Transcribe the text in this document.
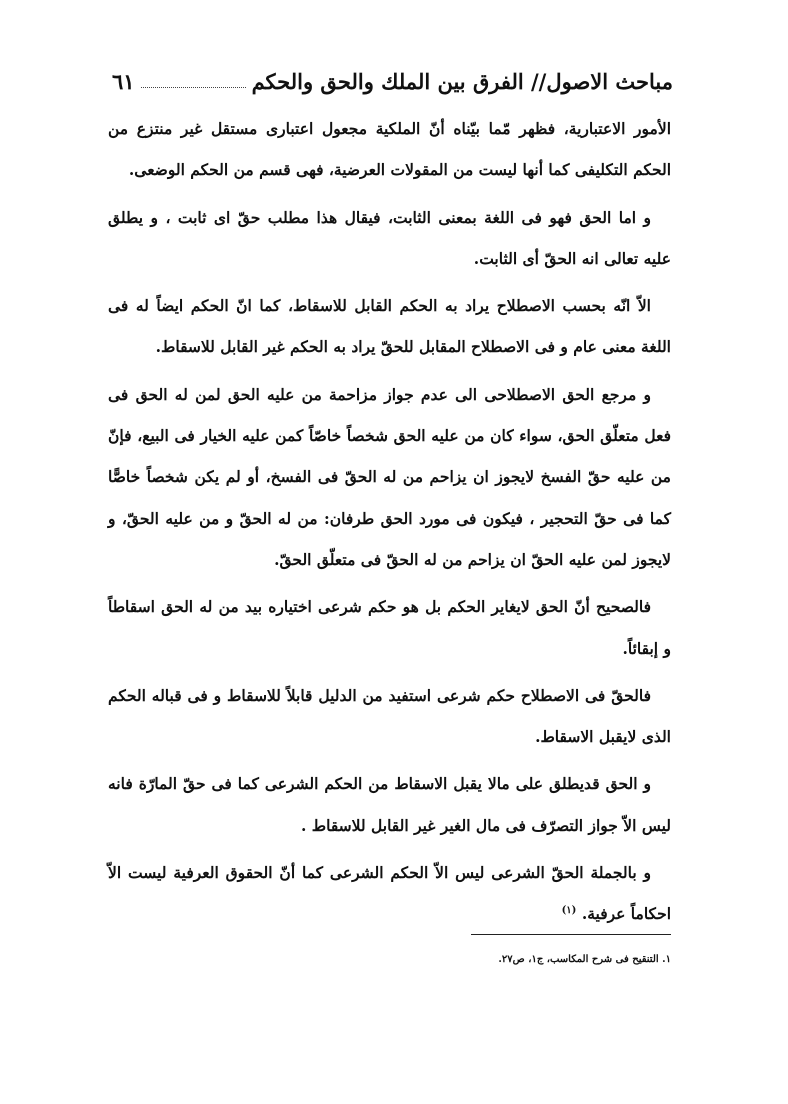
مباحث الاصول// الفرق بين الملك والحق والحكم
٦١

الأمور الاعتبارية، فظهر مّما بيّناه أنّ الملكية مجعول اعتبارى مستقل غير منتزع من الحكم التكليفى كما أنها ليست من المقولات العرضية، فهى قسم من الحكم الوضعى.

و اما الحق فهو فى اللغة بمعنى الثابت، فيقال هذا مطلب حقّ اى ثابت ، و يطلق عليه تعالى انه الحقّ أى الثابت.

الاّ انّه بحسب الاصطلاح يراد به الحكم القابل للاسقاط، كما انّ الحكم ايضاً له فى اللغة معنى عام و فى الاصطلاح المقابل للحقّ يراد به الحكم غير القابل للاسقاط.

و مرجع الحق الاصطلاحى الى عدم جواز مزاحمة من عليه الحق لمن له الحق فى فعل متعلّق الحق، سواء كان من عليه الحق شخصاً خاصّاً كمن عليه الخيار فى البيع، فإنّ من عليه حقّ الفسخ لايجوز ان يزاحم من له الحقّ فى الفسخ، أو لم يكن شخصاً خاصًّا كما فى حقّ التحجير ، فيكون فى مورد الحق طرفان: من له الحقّ و من عليه الحقّ، و لايجوز لمن عليه الحقّ ان يزاحم من له الحقّ فى متعلّق الحقّ.

فالصحيح أنّ الحق لايغاير الحكم بل هو حكم شرعى اختياره بيد من له الحق اسقاطاً و إبقائاً.

فالحقّ فى الاصطلاح حكم شرعى استفيد من الدليل قابلاً للاسقاط و فى قباله الحكم الذى لايقبل الاسقاط.

و الحق قديطلق على مالا يقبل الاسقاط من الحكم الشرعى كما فى حقّ المارّة فانه ليس الاّ جواز التصرّف فى مال الغير غير القابل للاسقاط .

و بالجملة الحقّ الشرعى ليس الاّ الحكم الشرعى كما أنّ الحقوق العرفية ليست الاّ احكاماً عرفية. $^{(١)}$

١. التنقيح فى شرح المكاسب، ج١، ص٢٧.
